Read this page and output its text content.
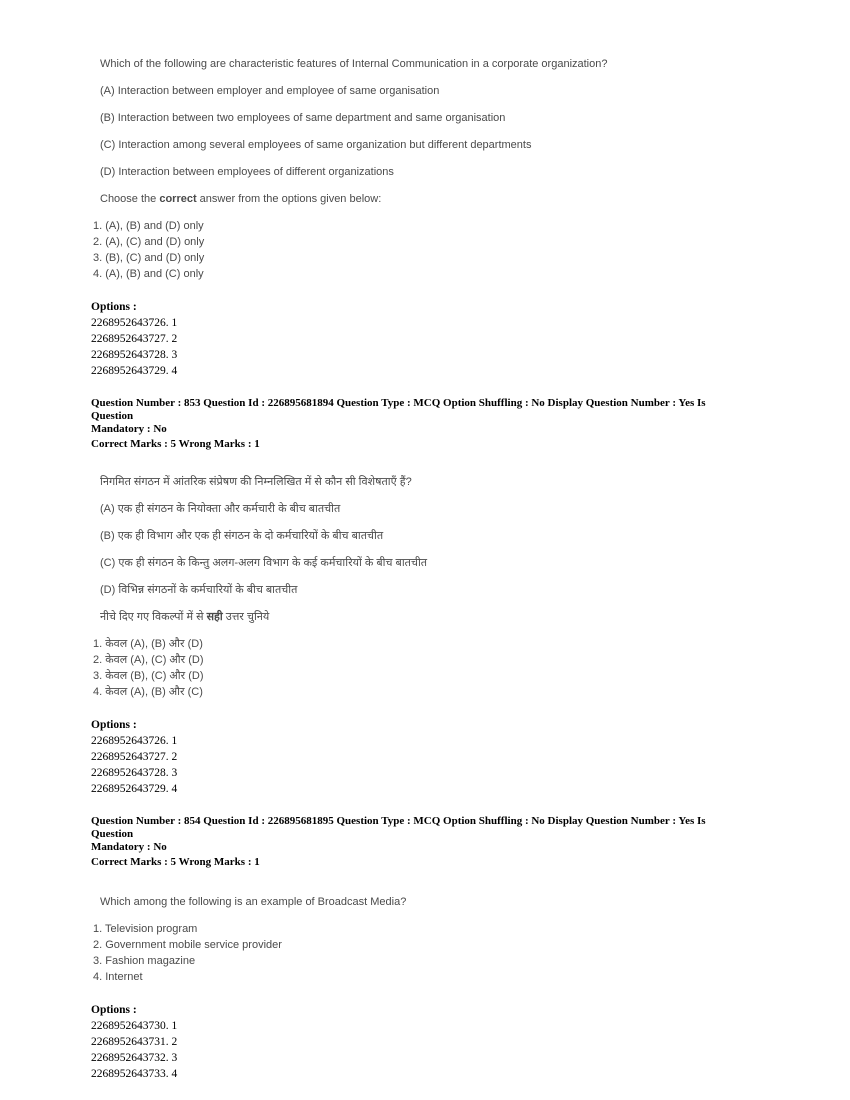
Which of the following are characteristic features of Internal Communication in a corporate organization?

(A) Interaction between employer and employee of same organisation

(B) Interaction between two employees of same department and same organisation

(C) Interaction among several employees of same organization but different departments

(D) Interaction between employees of different organizations

Choose the correct answer from the options given below:

1. (A), (B) and (D) only
2. (A), (C) and (D) only
3. (B), (C) and (D) only
4. (A), (B) and (C) only
Options :
2268952643726. 1
2268952643727. 2
2268952643728. 3
2268952643729. 4
Question Number : 853 Question Id : 226895681894 Question Type : MCQ Option Shuffling : No Display Question Number : Yes Is Question
Mandatory : No
Correct Marks : 5 Wrong Marks : 1

निगमित संगठन में आंतरिक संप्रेषण की निम्नलिखित में से कौन सी विशेषताएँ हैं?

(A) एक ही संगठन के नियोक्ता और कर्मचारी के बीच बातचीत

(B) एक ही विभाग और एक ही संगठन के दो कर्मचारियों के बीच बातचीत

(C) एक ही संगठन के किन्तु अलग-अलग विभाग के कई कर्मचारियों के बीच बातचीत

(D) विभिन्न संगठनों के कर्मचारियों के बीच बातचीत

नीचे दिए गए विकल्पों में से सही उत्तर चुनिये

1. केवल (A), (B) और (D)
2. केवल (A), (C) और (D)
3. केवल (B), (C) और (D)
4. केवल (A), (B) और (C)
Options :
2268952643726. 1
2268952643727. 2
2268952643728. 3
2268952643729. 4
Question Number : 854 Question Id : 226895681895 Question Type : MCQ Option Shuffling : No Display Question Number : Yes Is Question
Mandatory : No
Correct Marks : 5 Wrong Marks : 1

Which among the following is an example of Broadcast Media?

1. Television program
2. Government mobile service provider
3. Fashion magazine
4. Internet
Options :
2268952643730. 1
2268952643731. 2
2268952643732. 3
2268952643733. 4
